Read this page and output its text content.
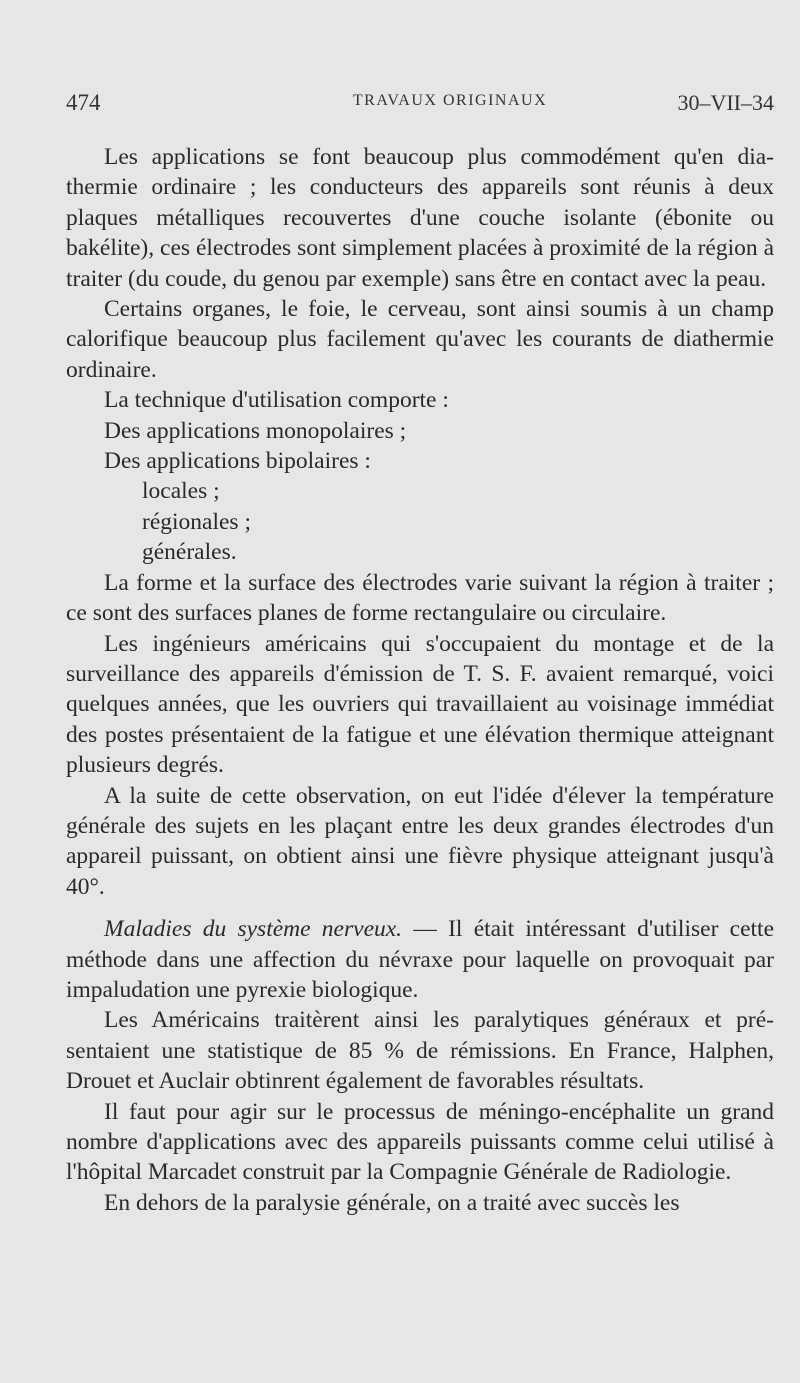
474	TRAVAUX ORIGINAUX	30–VII–34

Les applications se font beaucoup plus commodément qu'en diathermie ordinaire ; les conducteurs des appareils sont réunis à deux plaques métalliques recouvertes d'une couche isolante (ébonite ou bakélite), ces électrodes sont simplement placées à proximité de la région à traiter (du coude, du genou par exemple) sans être en contact avec la peau.

Certains organes, le foie, le cerveau, sont ainsi soumis à un champ calorifique beaucoup plus facilement qu'avec les courants de diathermie ordinaire.

La technique d'utilisation comporte :

Des applications monopolaires ;

Des applications bipolaires :

locales ;

régionales ;

générales.

La forme et la surface des électrodes varie suivant la région à traiter ; ce sont des surfaces planes de forme rectangulaire ou circulaire.

Les ingénieurs américains qui s'occupaient du montage et de la surveillance des appareils d'émission de T. S. F. avaient remarqué, voici quelques années, que les ouvriers qui travaillaient au voisinage immédiat des postes présentaient de la fatigue et une élévation thermique atteignant plusieurs degrés.

A la suite de cette observation, on eut l'idée d'élever la température générale des sujets en les plaçant entre les deux grandes électrodes d'un appareil puissant, on obtient ainsi une fièvre physique atteignant jusqu'à 40°.

Maladies du système nerveux. — Il était intéressant d'utiliser cette méthode dans une affection du névraxe pour laquelle on provoquait par impaludation une pyrexie biologique.

Les Américains traitèrent ainsi les paralytiques généraux et présentaient une statistique de 85 % de rémissions. En France, Halphen, Drouet et Auclair obtinrent également de favorables résultats.

Il faut pour agir sur le processus de méningo-encéphalite un grand nombre d'applications avec des appareils puissants comme celui utilisé à l'hôpital Marcadet construit par la Compagnie Générale de Radiologie.

En dehors de la paralysie générale, on a traité avec succès les
